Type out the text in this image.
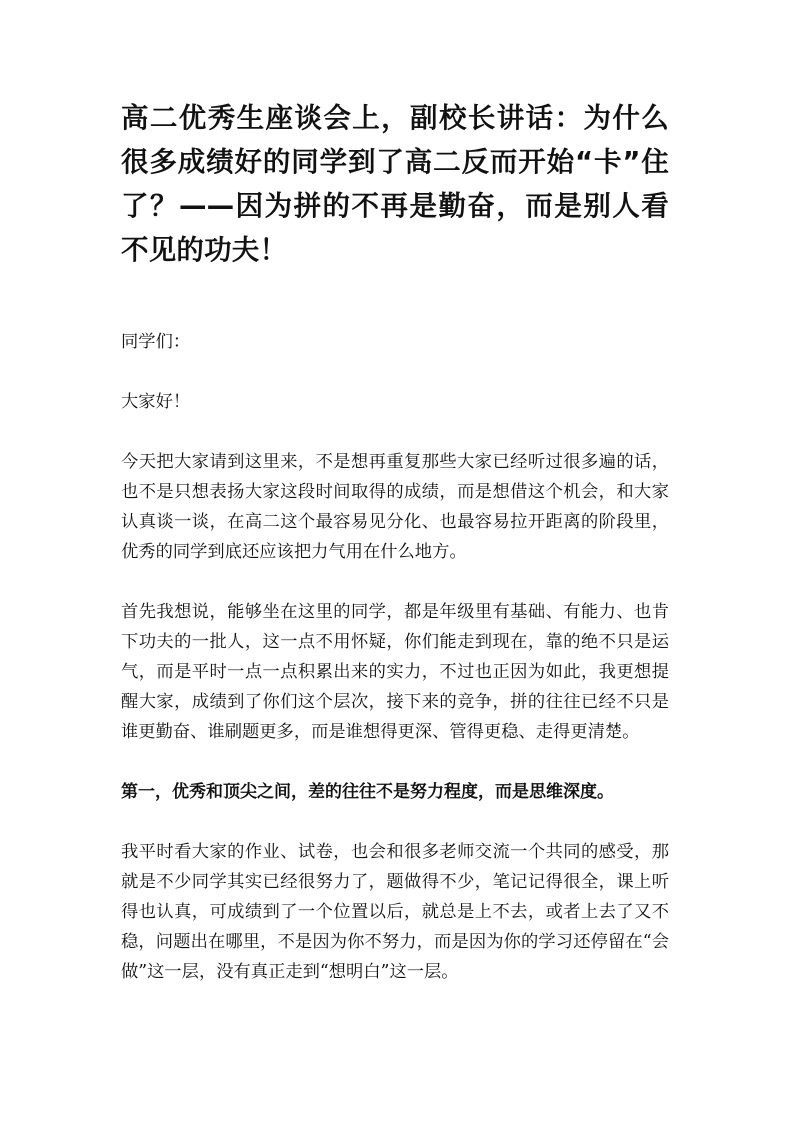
高二优秀生座谈会上，副校长讲话：为什么很多成绩好的同学到了高二反而开始“卡”住了？——因为拼的不再是勤奋，而是别人看不见的功夫！

同学们：

大家好！

今天把大家请到这里来，不是想再重复那些大家已经听过很多遍的话，也不是只想表扬大家这段时间取得的成绩，而是想借这个机会，和大家认真谈一谈，在高二这个最容易见分化、也最容易拉开距离的阶段里，优秀的同学到底还应该把力气用在什么地方。

首先我想说，能够坐在这里的同学，都是年级里有基础、有能力、也肯下功夫的一批人，这一点不用怀疑，你们能走到现在，靠的绝不只是运气，而是平时一点一点积累出来的实力，不过也正因为如此，我更想提醒大家，成绩到了你们这个层次，接下来的竞争，拼的往往已经不只是谁更勤奋、谁刷题更多，而是谁想得更深、管得更稳、走得更清楚。

第一，优秀和顶尖之间，差的往往不是努力程度，而是思维深度。

我平时看大家的作业、试卷，也会和很多老师交流一个共同的感受，那就是不少同学其实已经很努力了，题做得不少，笔记记得很全，课上听得也认真，可成绩到了一个位置以后，就总是上不去，或者上去了又不稳，问题出在哪里，不是因为你不努力，而是因为你的学习还停留在“会做”这一层，没有真正走到“想明白”这一层。
